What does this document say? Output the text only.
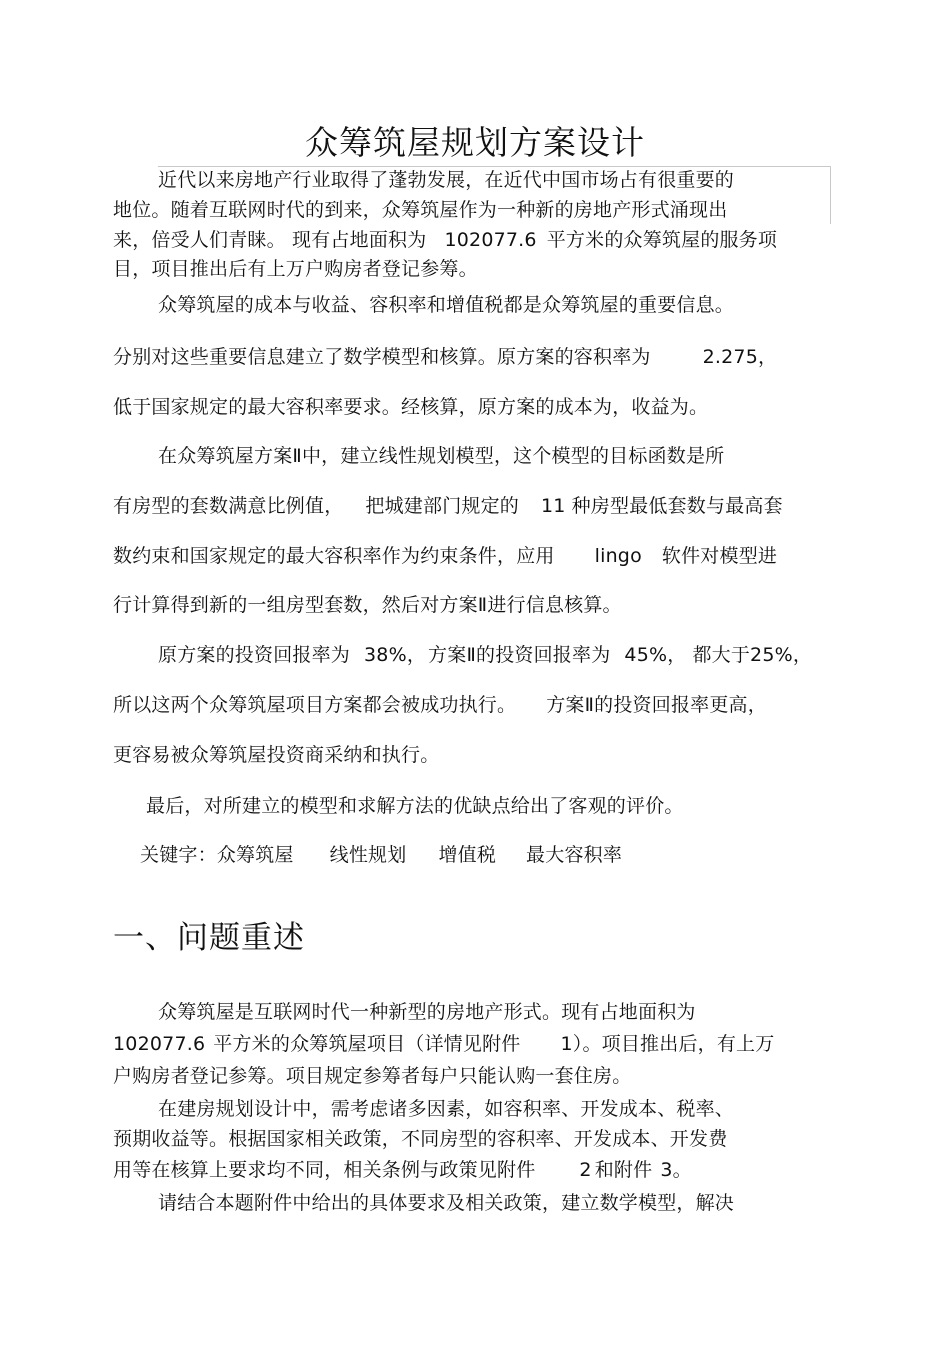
众筹筑屋规划方案设计
近代以来房地产行业取得了蓬勃发展，在近代中国市场占有很重要的
地位。随着互联网时代的到来，众筹筑屋作为一种新的房地产形式涌现出
来，倍受人们青睐。 现有占地面积为 102077.6 平方米的众筹筑屋的服务项
目，项目推出后有上万户购房者登记参筹。
众筹筑屋的成本与收益、容积率和增值税都是众筹筑屋的重要信息。
分别对这些重要信息建立了数学模型和核算。原方案的容积率为	2.275，
低于国家规定的最大容积率要求。经核算，原方案的成本为，收益为。
在众筹筑屋方案Ⅱ中，建立线性规划模型，这个模型的目标函数是所
有房型的套数满意比例值， 把城建部门规定的 11 种房型最低套数与最高套
数约束和国家规定的最大容积率作为约束条件，应用 lingo 软件对模型进
行计算得到新的一组房型套数，然后对方案Ⅱ进行信息核算。
原方案的投资回报率为 38%， 方案Ⅱ的投资回报率为 45%， 都大于25%，
所以这两个众筹筑屋项目方案都会被成功执行。 方案Ⅱ的投资回报率更高，
更容易被众筹筑屋投资商采纳和执行。
最后，对所建立的模型和求解方法的优缺点给出了客观的评价。
关键字：众筹筑屋 线性规划 增值税 最大容积率
一、问题重述
众筹筑屋是互联网时代一种新型的房地产形式。现有占地面积为
102077.6 平方米的众筹筑屋项目（详情见附件 1）。项目推出后，有上万
户购房者登记参筹。项目规定参筹者每户只能认购一套住房。
在建房规划设计中，需考虑诸多因素，如容积率、开发成本、税率、
预期收益等。根据国家相关政策，不同房型的容积率、开发成本、开发费
用等在核算上要求均不同，相关条例与政策见附件 2 和附件 3。
请结合本题附件中给出的具体要求及相关政策，建立数学模型，解决
